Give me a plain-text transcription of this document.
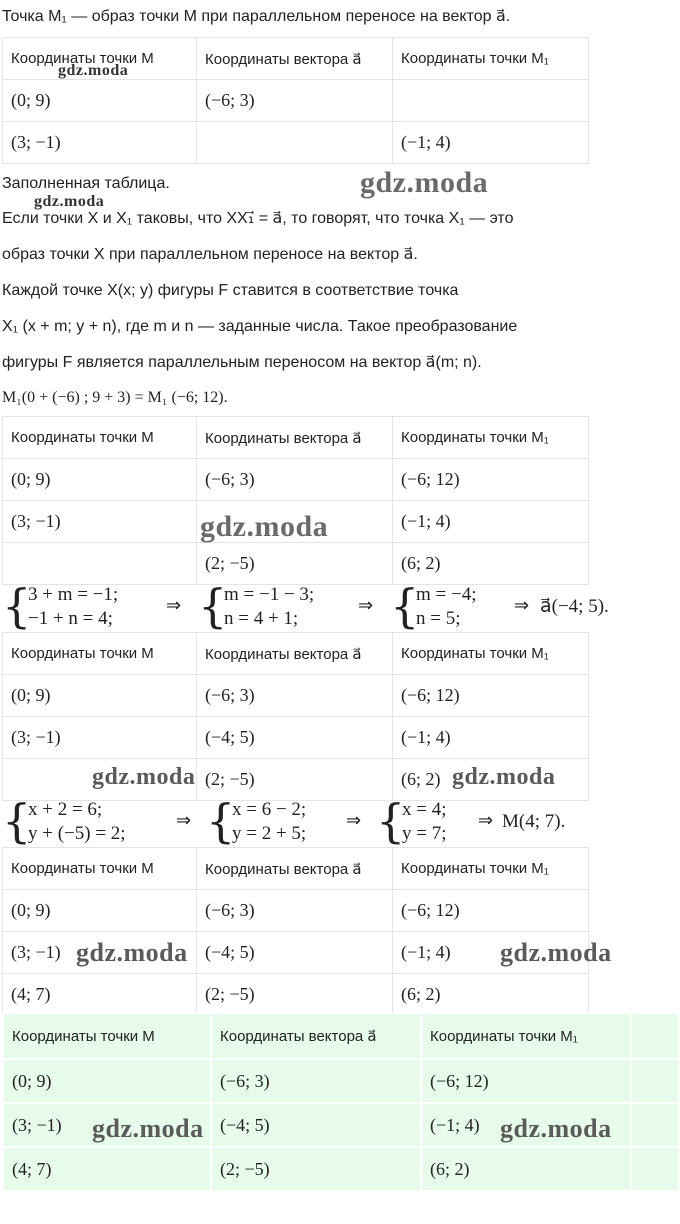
Точка M₁ — образ точки M при параллельном переносе на вектор a⃗.
Координаты точки M	Координаты вектора a⃗	Координаты точки M₁
(0; 9)	(−6; 3)	
(3; −1)		(−1; 4)
Заполненная таблица.
Если точки X и X₁ таковы, что XX₁⃗ = a⃗, то говорят, что точка X₁ — это
образ точки X при параллельном переносе на вектор a⃗.
Каждой точке X(x; y) фигуры F ставится в соответствие точка
X₁ (x + m; y + n), где m и n — заданные числа. Такое преобразование
фигуры F является параллельным переносом на вектор a⃗(m; n).
M₁(0 + (−6) ; 9 + 3) = M₁ (−6; 12).
Координаты точки M	Координаты вектора a⃗	Координаты точки M₁
(0; 9)	(−6; 3)	(−6; 12)
(3; −1)		(−1; 4)
	(2; −5)	(6; 2)
{
3 + m = −1;
−1 + n = 4;
⇒ {
m = −1 − 3;
n = 4 + 1;
⇒ {
m = −4;
n = 5;
⇒ a⃗(−4; 5).
Координаты точки M	Координаты вектора a⃗	Координаты точки M₁
(0; 9)	(−6; 3)	(−6; 12)
(3; −1)	(−4; 5)	(−1; 4)
	(2; −5)	(6; 2)
{
x + 2 = 6;
y + (−5) = 2;
⇒ {
x = 6 − 2;
y = 2 + 5;
⇒ {
x = 4;
y = 7;
⇒ M(4; 7).
Координаты точки M	Координаты вектора a⃗	Координаты точки M₁
(0; 9)	(−6; 3)	(−6; 12)
(3; −1)	(−4; 5)	(−1; 4)
(4; 7)	(2; −5)	(6; 2)
Координаты точки M	Координаты вектора a⃗	Координаты точки M₁	
(0; 9)	(−6; 3)	(−6; 12)	
(3; −1)	(−4; 5)	(−1; 4)	
(4; 7)	(2; −5)	(6; 2)	
gdz.moda
gdz.moda
gdz.moda
gdz.moda
gdz.moda	gdz.moda
gdz.moda	gdz.moda
gdz.moda	gdz.moda
